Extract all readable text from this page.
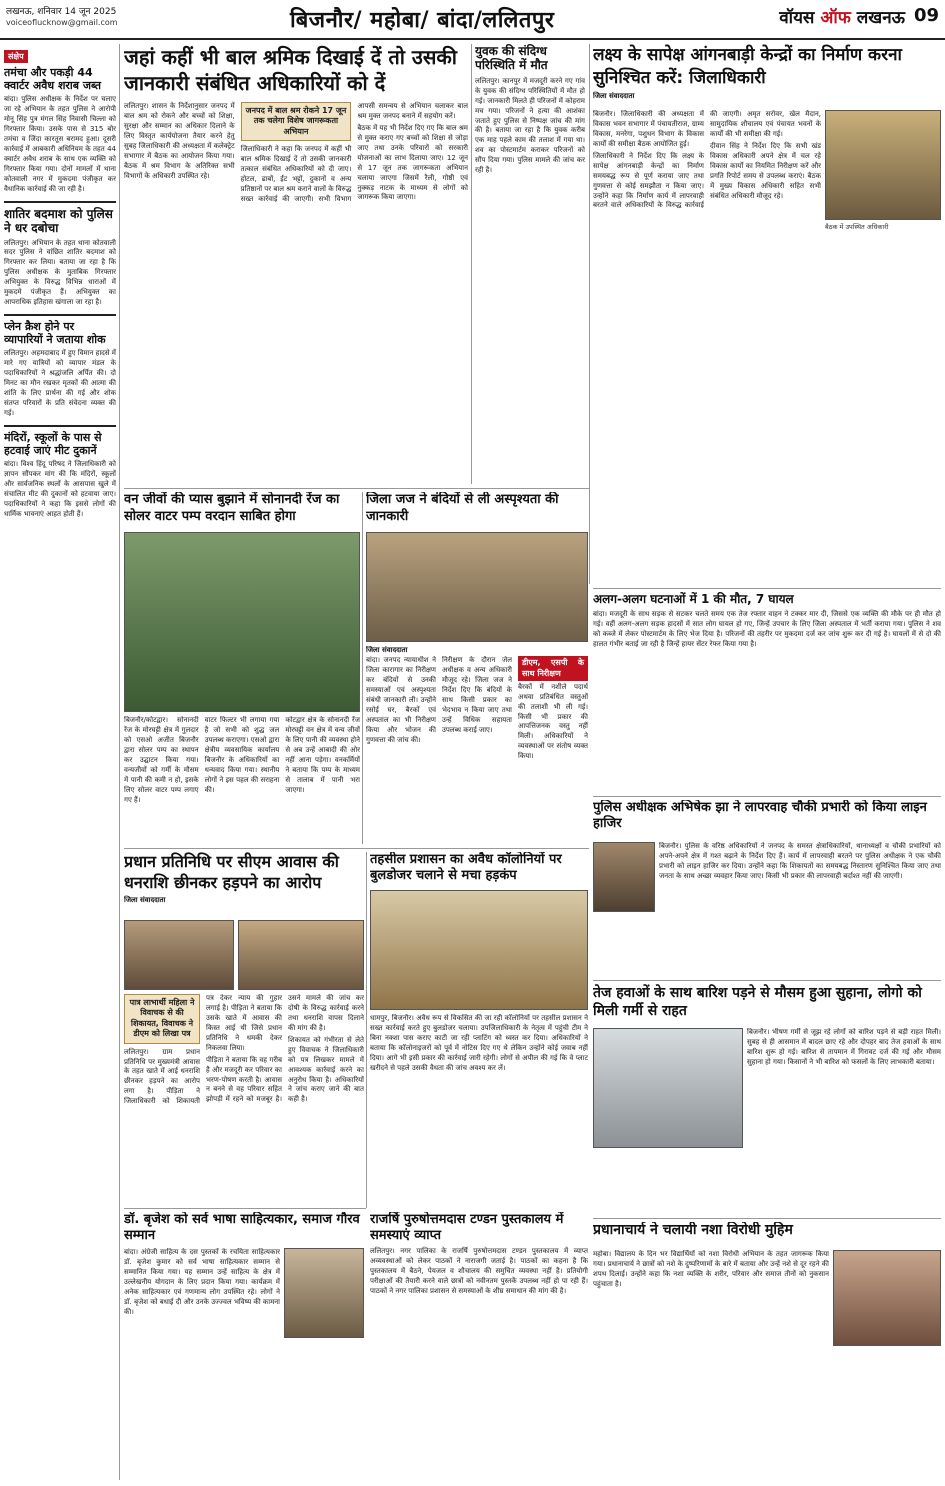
लखनऊ, शनिवार 14 जून 2025
voiceoflucknow@gmail.com	बिजनौर/ महोबा/ बांदा/ललितपुर	वॉयस ऑफ लखनऊ 09
संक्षेप
तमंचा और पकड़ी 44 क्वार्टर अवैध शराब जब्त
बांदा। पुलिस अधीक्षक के निर्देश पर चलाए जा रहे अभियान के तहत पुलिस ने आरोपी मोनू सिंह पुत्र मंगल सिंह निवासी चिल्ला को गिरफ्तार किया। उसके पास से 315 बोर तमंचा व जिंदा कारतूस बरामद हुआ। दूसरी कार्रवाई में आबकारी अधिनियम के तहत 44 क्वार्टर अवैध शराब के साथ एक व्यक्ति को गिरफ्तार किया गया। दोनों मामलों में थाना कोतवाली नगर में मुकदमा पंजीकृत कर वैधानिक कार्रवाई की जा रही है।
शातिर बदमाश को पुलिस ने धर दबोचा
ललितपुर। अभियान के तहत थाना कोतवाली सदर पुलिस ने वांछित शातिर बदमाश को गिरफ्तार कर लिया। बताया जा रहा है कि पुलिस अधीक्षक के मुताबिक गिरफ्तार अभियुक्त के विरुद्ध विभिन्न धाराओं में मुकदमे पंजीकृत हैं। अभियुक्त का आपराधिक इतिहास खंगाला जा रहा है।
प्लेन क्रैश होने पर व्यापारियों ने जताया शोक
ललितपुर। अहमदाबाद में हुए विमान हादसे में मारे गए यात्रियों को व्यापार मंडल के पदाधिकारियों ने श्रद्धांजलि अर्पित की। दो मिनट का मौन रखकर मृतकों की आत्मा की शांति के लिए प्रार्थना की गई और शोक संतप्त परिवारों के प्रति संवेदना व्यक्त की गई।
मंदिरों, स्कूलों के पास से हटवाई जाएं मीट दुकानें
बांदा। विश्व हिंदू परिषद ने जिलाधिकारी को ज्ञापन सौंपकर मांग की कि मंदिरों, स्कूलों और सार्वजनिक स्थलों के आसपास खुले में संचालित मीट की दुकानों को हटवाया जाए। पदाधिकारियों ने कहा कि इससे लोगों की धार्मिक भावनाएं आहत होती हैं।
जहां कहीं भी बाल श्रमिक दिखाई दें तो उसकी जानकारी संबंधित अधिकारियों को दें

ललितपुर। शासन के निर्देशानुसार जनपद में बाल श्रम को रोकने और बच्चों को शिक्षा, सुरक्षा और सम्मान का अधिकार दिलाने के लिए विस्तृत कार्ययोजना तैयार करने हेतु सुबह जिलाधिकारी की अध्यक्षता में कलेक्ट्रेट सभागार में बैठक का आयोजन किया गया। बैठक में श्रम विभाग के अतिरिक्त सभी विभागों के अधिकारी उपस्थित रहे।

जनपद में बाल श्रम रोकने 17 जून तक चलेगा विशेष जागरूकता अभियान

जिलाधिकारी ने कहा कि जनपद में कहीं भी बाल श्रमिक दिखाई दें तो उसकी जानकारी तत्काल संबंधित अधिकारियों को दी जाए। होटल, ढाबों, ईंट भट्टों, दुकानों व अन्य प्रतिष्ठानों पर बाल श्रम कराने वालों के विरुद्ध सख्त कार्रवाई की जाएगी। सभी विभाग आपसी समन्वय से अभियान चलाकर बाल श्रम मुक्त जनपद बनाने में सहयोग करें।

बैठक में यह भी निर्देश दिए गए कि बाल श्रम से मुक्त कराए गए बच्चों को शिक्षा से जोड़ा जाए तथा उनके परिवारों को सरकारी योजनाओं का लाभ दिलाया जाए। 12 जून से 17 जून तक जागरूकता अभियान चलाया जाएगा जिसमें रैली, गोष्ठी एवं नुक्कड़ नाटक के माध्यम से लोगों को जागरूक किया जाएगा।

युवक की संदिग्ध परिस्थिति में मौत
ललितपुर। कानपुर में मजदूरी करने गए गांव के युवक की संदिग्ध परिस्थितियों में मौत हो गई। जानकारी मिलते ही परिजनों में कोहराम मच गया। परिजनों ने हत्या की आशंका जताते हुए पुलिस से निष्पक्ष जांच की मांग की है। बताया जा रहा है कि युवक करीब एक माह पहले काम की तलाश में गया था। शव का पोस्टमार्टम कराकर परिजनों को सौंप दिया गया। पुलिस मामले की जांच कर रही है।
लक्ष्य के सापेक्ष आंगनबाड़ी केन्द्रों का निर्माण करना सुनिश्चित करें: जिलाधिकारी
जिला संवाददाता

बिजनौर। जिलाधिकारी की अध्यक्षता में विकास भवन सभागार में पंचायतीराज, ग्राम्य विकास, मनरेगा, पशुधन विभाग के विकास कार्यों की समीक्षा बैठक आयोजित हुई।

जिलाधिकारी ने निर्देश दिए कि लक्ष्य के सापेक्ष आंगनबाड़ी केन्द्रों का निर्माण समयबद्ध रूप से पूर्ण कराया जाए तथा गुणवत्ता से कोई समझौता न किया जाए। उन्होंने कहा कि निर्माण कार्य में लापरवाही बरतने वाले अधिकारियों के विरुद्ध कार्रवाई की जाएगी। अमृत सरोवर, खेल मैदान, सामुदायिक शौचालय एवं पंचायत भवनों के कार्यों की भी समीक्षा की गई।

दीवान सिंह ने निर्देश दिए कि सभी खंड विकास अधिकारी अपने क्षेत्र में चल रहे विकास कार्यों का नियमित निरीक्षण करें और प्रगति रिपोर्ट समय से उपलब्ध कराएं। बैठक में मुख्य विकास अधिकारी सहित सभी संबंधित अधिकारी मौजूद रहे।

बैठक में उपस्थित अधिकारी
वन जीवों की प्यास बुझाने में सोनानदी रेंज का सोलर वाटर पम्प वरदान साबित होगा

बिजनौर/कोटद्वार। सोनानदी रेंज के मोरघट्टी क्षेत्र में गुलदार को एसओ अजीत बिजनौर द्वारा सोलर पम्प का स्थापन कर उद्घाटन किया गया। वन्यजीवों को गर्मी के मौसम में पानी की कमी न हो, इसके लिए सोलर वाटर पम्प लगाए गए हैं।

वाटर फिल्टर भी लगाया गया है जो सभी को शुद्ध जल उपलब्ध कराएगा। एसओ द्वारा क्षेत्रीय व्यवसायिक कार्यालय बिजनौर के अधिकारियों का धन्यवाद किया गया। स्थानीय लोगों ने इस पहल की सराहना की।

कोटद्वार क्षेत्र के सोनानदी रेंज मोरघट्टी वन क्षेत्र में वन्य जीवों के लिए पानी की व्यवस्था होने से अब उन्हें आबादी की ओर नहीं आना पड़ेगा। वनकर्मियों ने बताया कि पम्प के माध्यम से तालाब में पानी भरा जाएगा।

जिला जज ने बंदियों से ली अस्पृश्यता की जानकारी
जिला संवाददाता

बांदा। जनपद न्यायाधीश ने जिला कारागार का निरीक्षण कर बंदियों से उनकी समस्याओं एवं अस्पृश्यता संबंधी जानकारी ली। उन्होंने रसोई घर, बैरकों एवं अस्पताल का भी निरीक्षण किया और भोजन की गुणवत्ता की जांच की।

निरीक्षण के दौरान जेल अधीक्षक व अन्य अधिकारी मौजूद रहे। जिला जज ने निर्देश दिए कि बंदियों के साथ किसी प्रकार का भेदभाव न किया जाए तथा उन्हें विधिक सहायता उपलब्ध कराई जाए।

डीएम, एसपी के साथ निरीक्षण

बैरकों में नशीले पदार्थ अथवा प्रतिबंधित वस्तुओं की तलाशी भी ली गई। किसी भी प्रकार की आपत्तिजनक वस्तु नहीं मिली। अधिकारियों ने व्यवस्थाओं पर संतोष व्यक्त किया।

अलग-अलग घटनाओं में 1 की मौत, 7 घायल
बांदा। मजदूरी के साथ सड़क से सटकर चलते समय एक तेज रफ्तार वाहन ने टक्कर मार दी, जिससे एक व्यक्ति की मौके पर ही मौत हो गई। वहीं अलग-अलग सड़क हादसों में सात लोग घायल हो गए, जिन्हें उपचार के लिए जिला अस्पताल में भर्ती कराया गया। पुलिस ने शव को कब्जे में लेकर पोस्टमार्टम के लिए भेज दिया है। परिजनों की तहरीर पर मुकदमा दर्ज कर जांच शुरू कर दी गई है। घायलों में से दो की हालत गंभीर बताई जा रही है जिन्हें हायर सेंटर रेफर किया गया है।
पुलिस अधीक्षक अभिषेक झा ने लापरवाह चौकी प्रभारी को किया लाइन हाजिर
बिजनौर। पुलिस के वरिष्ठ अधिकारियों ने जनपद के समस्त क्षेत्राधिकारियों, थानाध्यक्षों व चौकी प्रभारियों को अपने-अपने क्षेत्र में गश्त बढ़ाने के निर्देश दिए हैं। कार्य में लापरवाही बरतने पर पुलिस अधीक्षक ने एक चौकी प्रभारी को लाइन हाजिर कर दिया। उन्होंने कहा कि शिकायतों का समयबद्ध निस्तारण सुनिश्चित किया जाए तथा जनता के साथ अच्छा व्यवहार किया जाए। किसी भी प्रकार की लापरवाही बर्दाश्त नहीं की जाएगी।
प्रधान प्रतिनिधि पर सीएम आवास की धनराशि छीनकर हड़पने का आरोप
जिला संवाददाता
पात्र लाभार्थी महिला ने विवाचक से की शिकायत, विवाचक ने डीएम को लिखा पत्र

ललितपुर। ग्राम प्रधान प्रतिनिधि पर मुख्यमंत्री आवास के तहत खाते में आई धनराशि छीनकर हड़पने का आरोप लगा है। पीड़िता ने जिलाधिकारी को शिकायती पत्र देकर न्याय की गुहार लगाई है। पीड़िता ने बताया कि उसके खाते में आवास की किस्त आई थी जिसे प्रधान प्रतिनिधि ने धमकी देकर निकलवा लिया।

पीड़िता ने बताया कि वह गरीब है और मजदूरी कर परिवार का भरण-पोषण करती है। आवास न बनने से वह परिवार सहित झोपड़ी में रहने को मजबूर है। उसने मामले की जांच कर दोषी के विरुद्ध कार्रवाई करने तथा धनराशि वापस दिलाने की मांग की है।

शिकायत को गंभीरता से लेते हुए विवाचक ने जिलाधिकारी को पत्र लिखकर मामले में आवश्यक कार्रवाई करने का अनुरोध किया है। अधिकारियों ने जांच कराए जाने की बात कही है।

तहसील प्रशासन का अवैध कॉलोनियों पर बुलडोजर चलाने से मचा हड़कंप
धामपुर, बिजनौर। अवैध रूप से विकसित की जा रही कॉलोनियों पर तहसील प्रशासन ने सख्त कार्रवाई करते हुए बुलडोजर चलाया। उपजिलाधिकारी के नेतृत्व में पहुंची टीम ने बिना नक्शा पास कराए काटी जा रही प्लाटिंग को ध्वस्त कर दिया। अधिकारियों ने बताया कि कॉलोनाइजरों को पूर्व में नोटिस दिए गए थे लेकिन उन्होंने कोई जवाब नहीं दिया। आगे भी इसी प्रकार की कार्रवाई जारी रहेगी। लोगों से अपील की गई कि वे प्लाट खरीदने से पहले उसकी वैधता की जांच अवश्य कर लें।
राजर्षि पुरुषोत्तमदास टण्डन पुस्तकालय में समस्याएं व्याप्त
ललितपुर। नगर पालिका के राजर्षि पुरुषोत्तमदास टण्डन पुस्तकालय में व्याप्त अव्यवस्थाओं को लेकर पाठकों ने नाराजगी जताई है। पाठकों का कहना है कि पुस्तकालय में बैठने, पेयजल व शौचालय की समुचित व्यवस्था नहीं है। प्रतियोगी परीक्षाओं की तैयारी करने वाले छात्रों को नवीनतम पुस्तकें उपलब्ध नहीं हो पा रही हैं। पाठकों ने नगर पालिका प्रशासन से समस्याओं के शीघ्र समाधान की मांग की है।
तेज हवाओं के साथ बारिश पड़ने से मौसम हुआ सुहाना, लोगो को मिली गर्मी से राहत
बिजनौर। भीषण गर्मी से जूझ रहे लोगों को बारिश पड़ने से बड़ी राहत मिली। सुबह से ही आसमान में बादल छाए रहे और दोपहर बाद तेज हवाओं के साथ बारिश शुरू हो गई। बारिश से तापमान में गिरावट दर्ज की गई और मौसम सुहाना हो गया। किसानों ने भी बारिश को फसलों के लिए लाभकारी बताया।
डॉ. बृजेश को सर्व भाषा साहित्यकार, समाज गौरव सम्मान
बांदा। अंग्रेजी साहित्य के दस पुस्तकों के रचयिता साहित्यकार डॉ. बृजेश कुमार को सर्व भाषा साहित्यकार सम्मान से सम्मानित किया गया। यह सम्मान उन्हें साहित्य के क्षेत्र में उल्लेखनीय योगदान के लिए प्रदान किया गया। कार्यक्रम में अनेक साहित्यकार एवं गणमान्य लोग उपस्थित रहे। लोगों ने डॉ. बृजेश को बधाई दी और उनके उज्ज्वल भविष्य की कामना की।
प्रधानाचार्य ने चलायी नशा विरोधी मुहिम
महोबा। विद्यालय के दिन भर विद्यार्थियों को नशा विरोधी अभियान के तहत जागरूक किया गया। प्रधानाचार्य ने छात्रों को नशे के दुष्परिणामों के बारे में बताया और उन्हें नशे से दूर रहने की शपथ दिलाई। उन्होंने कहा कि नशा व्यक्ति के शरीर, परिवार और समाज तीनों को नुकसान पहुंचाता है।
